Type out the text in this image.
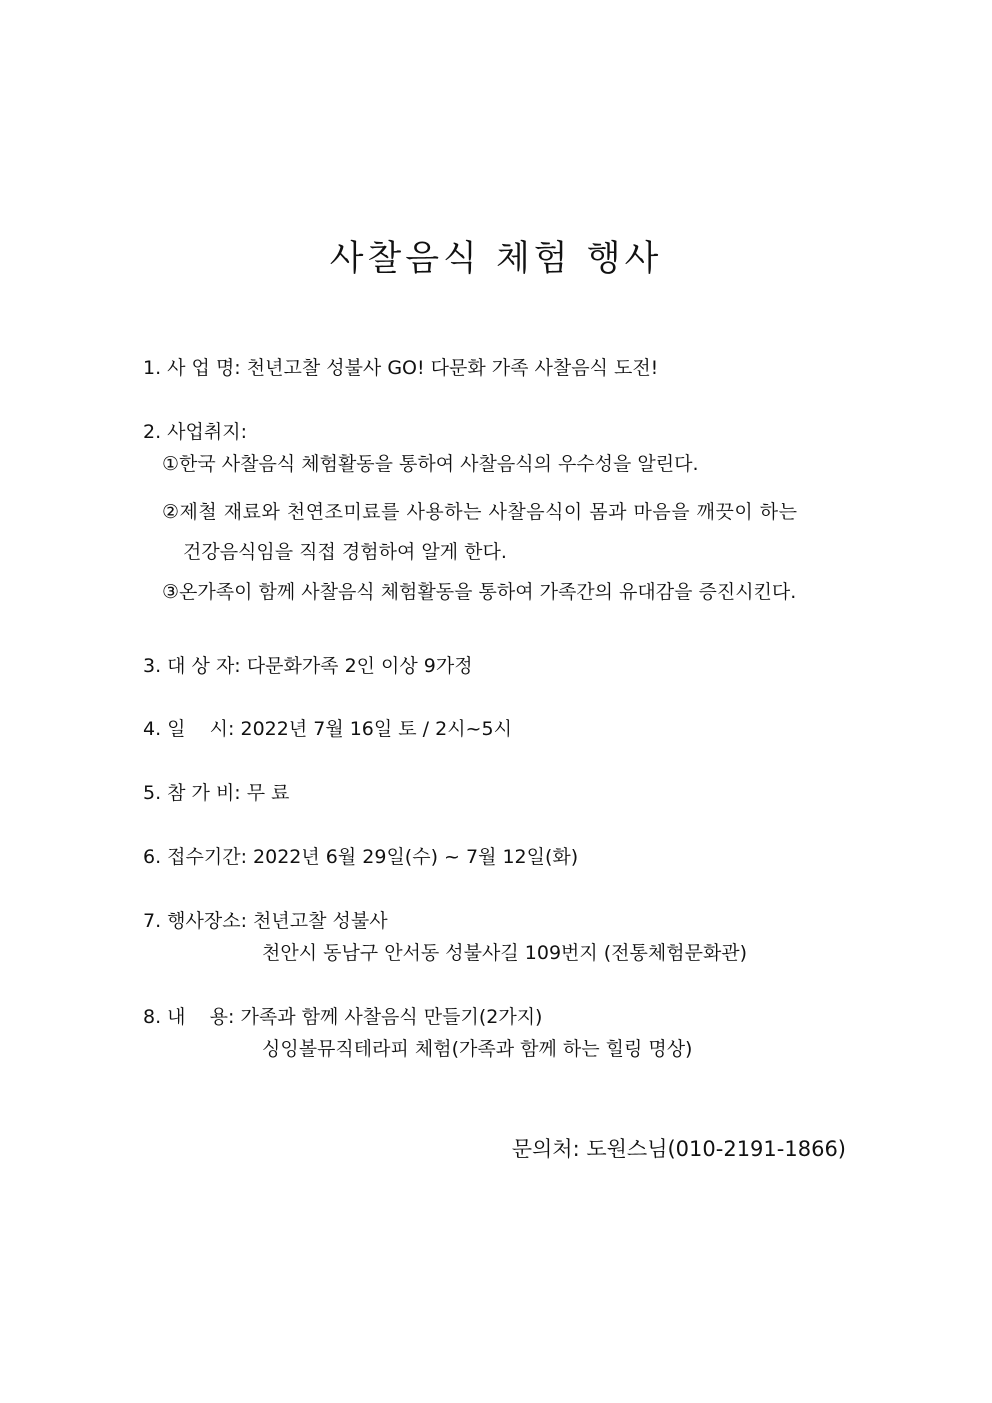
사찰음식 체험 행사
1. 사 업 명: 천년고찰 성불사 GO! 다문화 가족 사찰음식 도전!
2. 사업취지:
①한국 사찰음식 체험활동을 통하여 사찰음식의 우수성을 알린다.
②제철 재료와 천연조미료를 사용하는 사찰음식이 몸과 마음을 깨끗이 하는
건강음식임을 직접 경험하여 알게 한다.
③온가족이 함께 사찰음식 체험활동을 통하여 가족간의 유대감을 증진시킨다.
3. 대 상 자: 다문화가족 2인 이상 9가정
4. 일    시: 2022년 7월 16일 토 / 2시~5시
5. 참 가 비: 무 료
6. 접수기간: 2022년 6월 29일(수) ~ 7월 12일(화)
7. 행사장소: 천년고찰 성불사
천안시 동남구 안서동 성불사길 109번지 (전통체험문화관)
8. 내    용: 가족과 함께 사찰음식 만들기(2가지)
싱잉볼뮤직테라피 체험(가족과 함께 하는 힐링 명상)
문의처: 도원스님(010-2191-1866)
